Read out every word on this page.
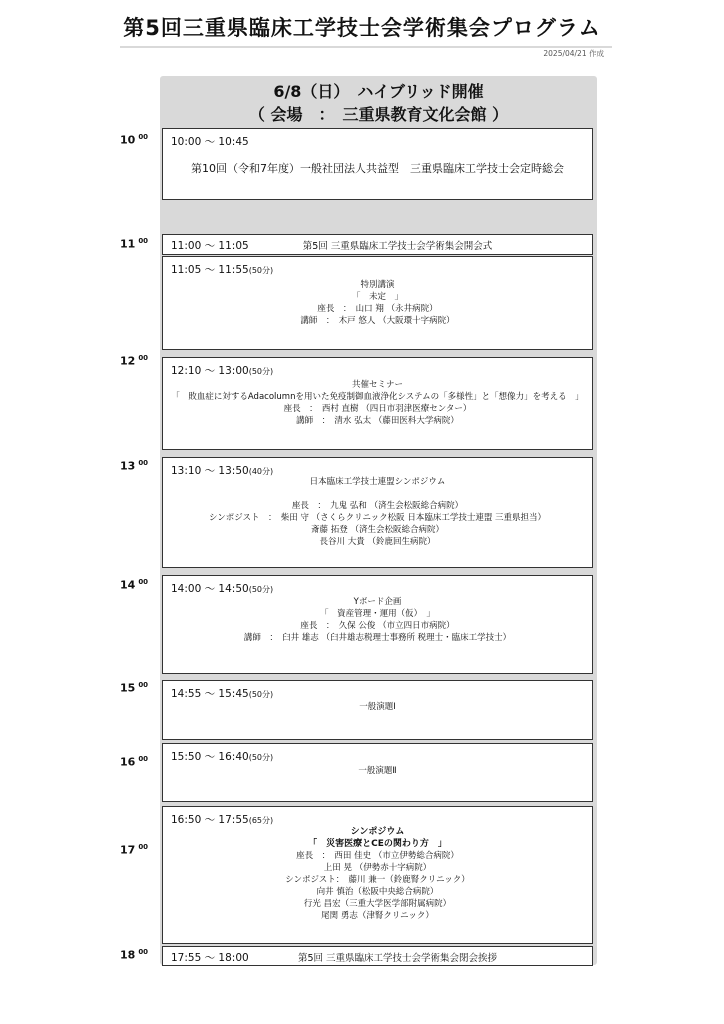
第5回三重県臨床工学技士会学術集会プログラム
2025/04/21 作成
6/8（日）　ハイブリッド開催
（ 会場　：　三重県教育文化会館 ）
10 $^{00}$
11 $^{00}$
12 $^{00}$
13 $^{00}$
14 $^{00}$
15 $^{00}$
16 $^{00}$
17 $^{00}$
18 $^{00}$
10:00 ～ 10:45
第10回（令和7年度）一般社団法人共益型　三重県臨床工学技士会定時総会
11:00 ～ 11:05	第5回 三重県臨床工学技士会学術集会開会式
11:05 ～ 11:55(50分)
特別講演
「　未定　」
座長　：　山口 翔 （永井病院）
講師　：　木戸 悠人 （大阪環十字病院）
12:10 ～ 13:00(50分)
共催セミナー
「　敗血症に対するAdacolumnを用いた免疫制御血液浄化システムの「多様性」と「想像力」を考える　」
座長　：　西村 直樹 （四日市羽津医療センター）
講師　：　清水 弘太 （藤田医科大学病院）
13:10 ～ 13:50(40分)
日本臨床工学技士連盟シンポジウム
座長　：　九鬼 弘和 （済生会松阪総合病院）
シンポジスト　：　柴田 守 （さくらクリニック松阪 日本臨床工学技士連盟 三重県担当）
斎藤 拓登 （済生会松阪総合病院）
長谷川 大貴 （鈴鹿回生病院）
14:00 ～ 14:50(50分)
Yボード企画
「　資産管理・運用（仮）　」
座長　：　久保 公俊 （市立四日市病院）
講師　：　臼井 雄志 （臼井雄志税理士事務所 税理士・臨床工学技士）
14:55 ～ 15:45(50分)
一般演題Ⅰ
15:50 ～ 16:40(50分)
一般演題Ⅱ
16:50 ～ 17:55(65分)
シンポジウム
「　災害医療とCEの関わり方　」
座長　：　西田 佳史 （市立伊勢総合病院）
上田 晃 （伊勢赤十字病院）
シンポジスト：　藤川 兼一（鈴鹿腎クリニック）
向井 慎治（松阪中央総合病院）
行光 昌宏（三重大学医学部附属病院）
尾関 勇志（津腎クリニック）
17:55 ～ 18:00	第5回 三重県臨床工学技士会学術集会閉会挨拶
